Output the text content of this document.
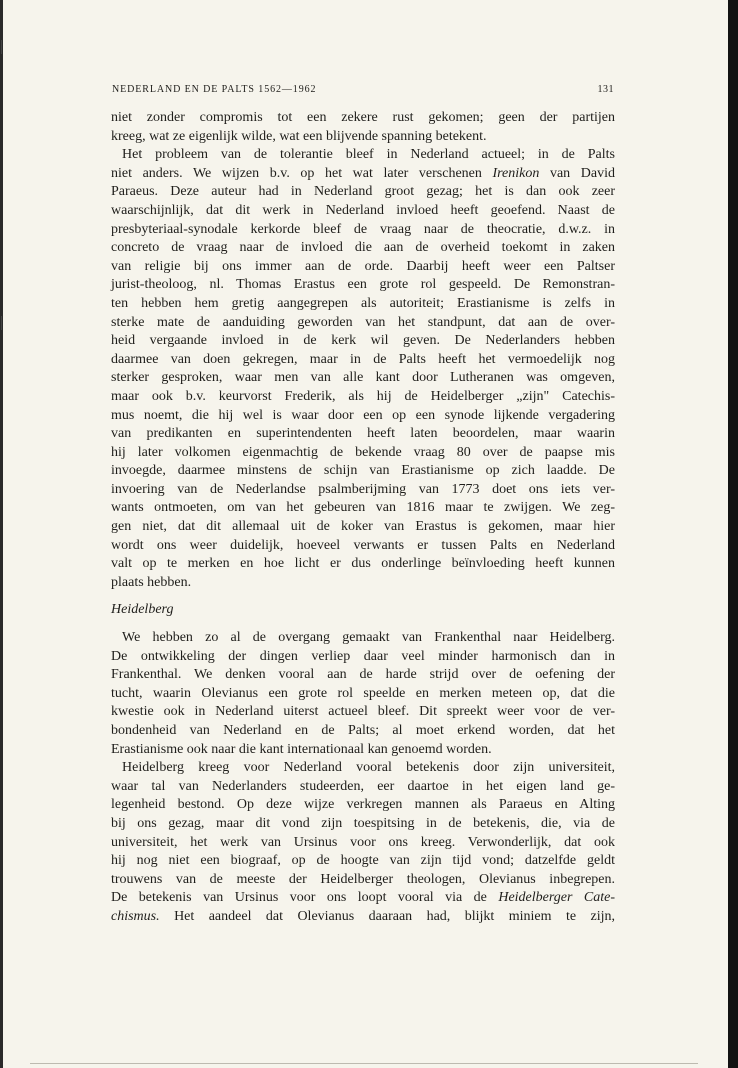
NEDERLAND EN DE PALTS 1562—1962	131
niet zonder compromis tot een zekere rust gekomen; geen der partijen
kreeg, wat ze eigenlijk wilde, wat een blijvende spanning betekent.
Het probleem van de tolerantie bleef in Nederland actueel; in de Palts
niet anders. We wijzen b.v. op het wat later verschenen Irenikon van David
Paraeus. Deze auteur had in Nederland groot gezag; het is dan ook zeer
waarschijnlijk, dat dit werk in Nederland invloed heeft geoefend. Naast de
presbyteriaal-synodale kerkorde bleef de vraag naar de theocratie, d.w.z. in
concreto de vraag naar de invloed die aan de overheid toekomt in zaken
van religie bij ons immer aan de orde. Daarbij heeft weer een Paltser
jurist-theoloog, nl. Thomas Erastus een grote rol gespeeld. De Remonstran-
ten hebben hem gretig aangegrepen als autoriteit; Erastianisme is zelfs in
sterke mate de aanduiding geworden van het standpunt, dat aan de over-
heid vergaande invloed in de kerk wil geven. De Nederlanders hebben
daarmee van doen gekregen, maar in de Palts heeft het vermoedelijk nog
sterker gesproken, waar men van alle kant door Lutheranen was omgeven,
maar ook b.v. keurvorst Frederik, als hij de Heidelberger „zijn" Catechis-
mus noemt, die hij wel is waar door een op een synode lijkende vergadering
van predikanten en superintendenten heeft laten beoordelen, maar waarin
hij later volkomen eigenmachtig de bekende vraag 80 over de paapse mis
invoegde, daarmee minstens de schijn van Erastianisme op zich laadde. De
invoering van de Nederlandse psalmberijming van 1773 doet ons iets ver-
wants ontmoeten, om van het gebeuren van 1816 maar te zwijgen. We zeg-
gen niet, dat dit allemaal uit de koker van Erastus is gekomen, maar hier
wordt ons weer duidelijk, hoeveel verwants er tussen Palts en Nederland
valt op te merken en hoe licht er dus onderlinge beïnvloeding heeft kunnen
plaats hebben.
Heidelberg
We hebben zo al de overgang gemaakt van Frankenthal naar Heidelberg.
De ontwikkeling der dingen verliep daar veel minder harmonisch dan in
Frankenthal. We denken vooral aan de harde strijd over de oefening der
tucht, waarin Olevianus een grote rol speelde en merken meteen op, dat die
kwestie ook in Nederland uiterst actueel bleef. Dit spreekt weer voor de ver-
bondenheid van Nederland en de Palts; al moet erkend worden, dat het
Erastianisme ook naar die kant internationaal kan genoemd worden.
Heidelberg kreeg voor Nederland vooral betekenis door zijn universiteit,
waar tal van Nederlanders studeerden, eer daartoe in het eigen land ge-
legenheid bestond. Op deze wijze verkregen mannen als Paraeus en Alting
bij ons gezag, maar dit vond zijn toespitsing in de betekenis, die, via de
universiteit, het werk van Ursinus voor ons kreeg. Verwonderlijk, dat ook
hij nog niet een biograaf, op de hoogte van zijn tijd vond; datzelfde geldt
trouwens van de meeste der Heidelberger theologen, Olevianus inbegrepen.
De betekenis van Ursinus voor ons loopt vooral via de Heidelberger Cate-
chismus. Het aandeel dat Olevianus daaraan had, blijkt miniem te zijn,
